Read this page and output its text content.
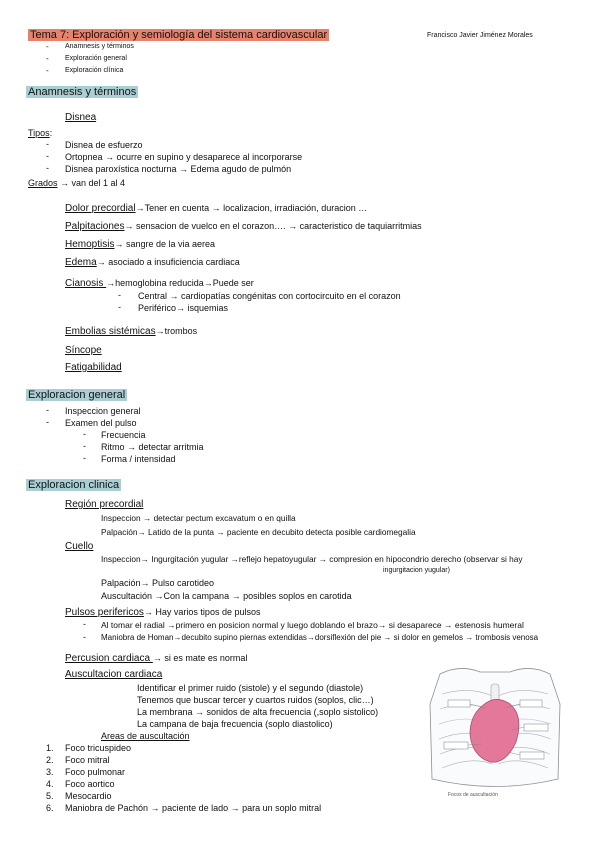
Tema 7: Exploración y semiología del sistema cardiovascular	Francisco Javier Jiménez Morales
- Anamnesis y términos
- Exploración general
- Exploración clínica
Anamnesis y términos
Disnea
Tipos:
- Disnea de esfuerzo
- Ortopnea → ocurre en supino y desaparece al incorporarse
- Disnea paroxística nocturna → Edema agudo de pulmón
Grados → van del 1 al 4
Dolor precordial→Tener en cuenta → localizacion, irradiación, duracion …
Palpitaciones→ sensacion de vuelco en el corazon…. → caracteristico de taquiarritmias
Hemoptisis→ sangre de la via aerea
Edema→ asociado a insuficiencia cardiaca
Cianosis →hemoglobina reducida→Puede ser
- Central → cardiopatías congénitas con cortocircuito en el corazon
- Periférico→ isquemias
Embolias sistémicas→trombos
Síncope
Fatigabilidad
Exploracion general
- Inspeccion general
- Examen del pulso
- Frecuencia
- Ritmo → detectar arritmia
- Forma / intensidad
Exploracion clinica
Región precordial
Inspeccion → detectar pectum excavatum o en quilla
Palpación→ Latido de la punta → paciente en decubito detecta posible cardiomegalia
Cuello
Inspeccion→ Ingurgitación yugular →reflejo hepatoyugular → compresion en hipocondrio derecho (observar si hay
ingurgitacion yugular)
Palpación→ Pulso carotideo
Auscultación →Con la campana → posibles soplos en carotida
Pulsos perifericos→ Hay varios tipos de pulsos
- Al tomar el radial →primero en posicion normal y luego doblando el brazo→ si desaparece → estenosis humeral
- Maniobra de Homan→decubito supino piernas extendidas→dorsiflexión del pie → si dolor en gemelos → trombosis venosa
Percusion cardiaca → si es mate es normal
Auscultacion cardiaca
Identificar el primer ruido (sistole) y el segundo (diastole)
Tenemos que buscar tercer y cuartos ruidos (soplos, clic…)
La membrana → sonidos de alta frecuencia (,soplo sistolico)
La campana de baja frecuencia (soplo diastolico)
Areas de auscultación
1. Foco tricuspideo
2. Foco mitral
3. Foco pulmonar
4. Foco aortico
5. Mesocardio
6. Maniobra de Pachón → paciente de lado → para un soplo mitral
Focos de auscultación
